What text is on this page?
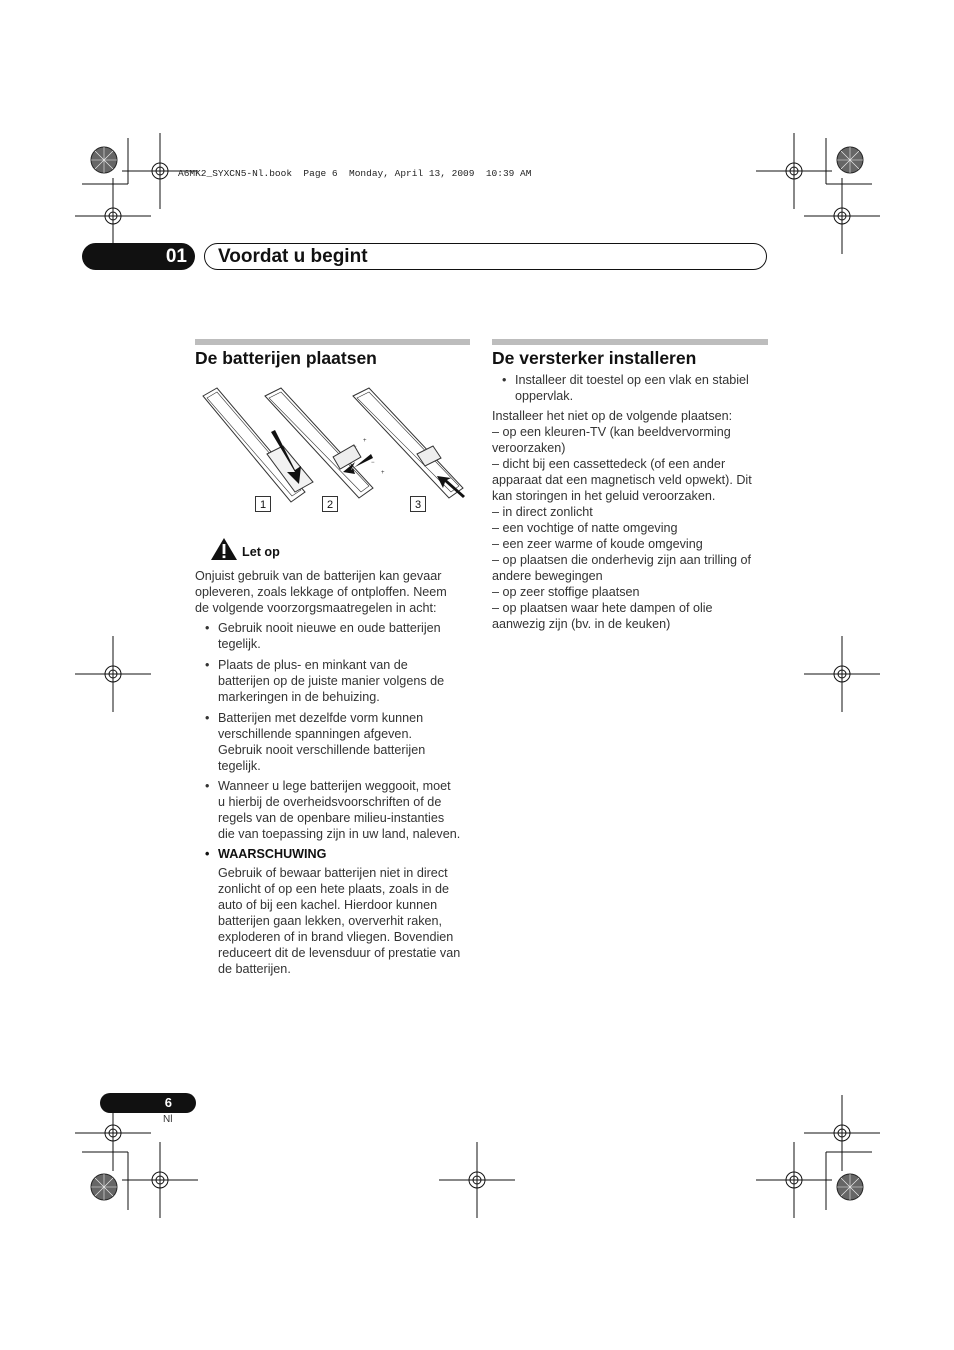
A6MK2_SYXCN5-Nl.book  Page 6  Monday, April 13, 2009  10:39 AM
01	Voordat u begint
De batterijen plaatsen
+
−
−
+
1	2	3
Let op
Onjuist gebruik van de batterijen kan gevaar
opleveren, zoals lekkage of ontploffen. Neem
de volgende voorzorgsmaatregelen in acht:
• Gebruik nooit nieuwe en oude batterijen
tegelijk.
• Plaats de plus- en minkant van de
batterijen op de juiste manier volgens de
markeringen in de behuizing.
• Batterijen met dezelfde vorm kunnen
verschillende spanningen afgeven.
Gebruik nooit verschillende batterijen
tegelijk.
• Wanneer u lege batterijen weggooit, moet
u hierbij de overheidsvoorschriften of de
regels van de openbare milieu-instanties
die van toepassing zijn in uw land, naleven.
• WAARSCHUWING
Gebruik of bewaar batterijen niet in direct
zonlicht of op een hete plaats, zoals in de
auto of bij een kachel. Hierdoor kunnen
batterijen gaan lekken, oververhit raken,
exploderen of in brand vliegen. Bovendien
reduceert dit de levensduur of prestatie van
de batterijen.
De versterker installeren
• Installeer dit toestel op een vlak en stabiel
oppervlak.
Installeer het niet op de volgende plaatsen:
– op een kleuren-TV (kan beeldvervorming
veroorzaken)
– dicht bij een cassettedeck (of een ander
apparaat dat een magnetisch veld opwekt). Dit
kan storingen in het geluid veroorzaken.
– in direct zonlicht
– een vochtige of natte omgeving
– een zeer warme of koude omgeving
– op plaatsen die onderhevig zijn aan trilling of
andere bewegingen
– op zeer stoffige plaatsen
– op plaatsen waar hete dampen of olie
aanwezig zijn (bv. in de keuken)
6
Nl
